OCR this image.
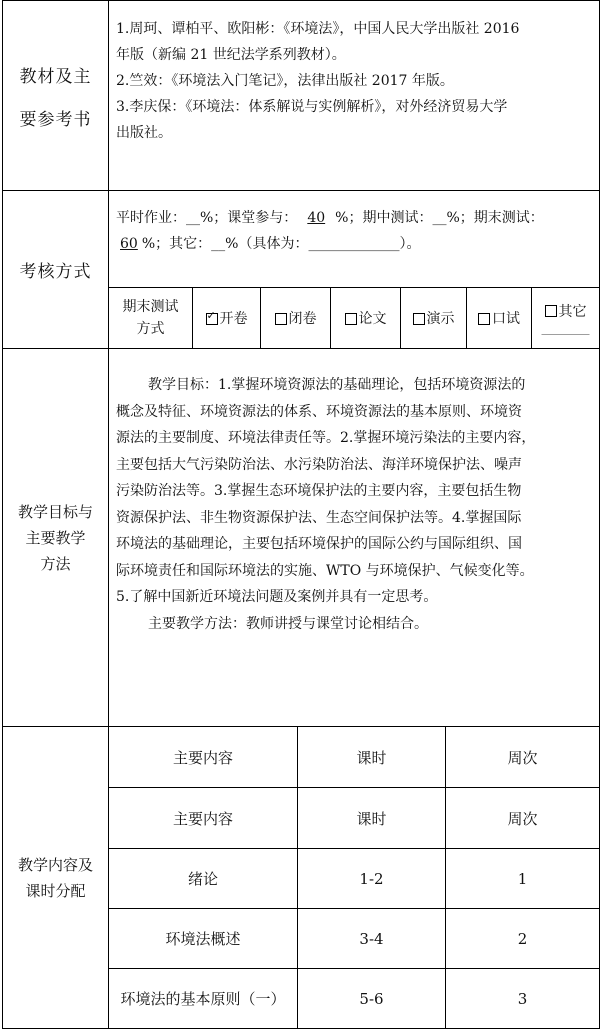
教材及主
要参考书

1.周珂、谭柏平、欧阳彬：《环境法》，中国人民大学出版社 2016

年版（新编 21 世纪法学系列教材）。

2.竺效：《环境法入门笔记》，法律出版社 2017 年版。

3.李庆保：《环境法：体系解说与实例解析》，对外经济贸易大学

出版社。

考核方式

平时作业：__%；课堂参与： 40 %；期中测试：__%；期末测试：

60 %；其它：__%（具体为：_____________）。

期末测试
方式
✓
开卷	闭卷	论文	演示	口试	其它
________
教学目标与
主要教学
方法

教学目标：1.掌握环境资源法的基础理论，包括环境资源法的

概念及特征、环境资源法的体系、环境资源法的基本原则、环境资

源法的主要制度、环境法律责任等。2.掌握环境污染法的主要内容，

主要包括大气污染防治法、水污染防治法、海洋环境保护法、噪声

污染防治法等。3.掌握生态环境保护法的主要内容，主要包括生物

资源保护法、非生物资源保护法、生态空间保护法等。4.掌握国际

环境法的基础理论，主要包括环境保护的国际公约与国际组织、国

际环境责任和国际环境法的实施、WTO 与环境保护、气候变化等。

5.了解中国新近环境法问题及案例并具有一定思考。

主要教学方法：教师讲授与课堂讨论相结合。

教学内容及
课时分配
主要内容	课时	周次
主要内容	课时	周次
绪论	1-2	1
环境法概述	3-4	2
环境法的基本原则（一）	5-6	3
